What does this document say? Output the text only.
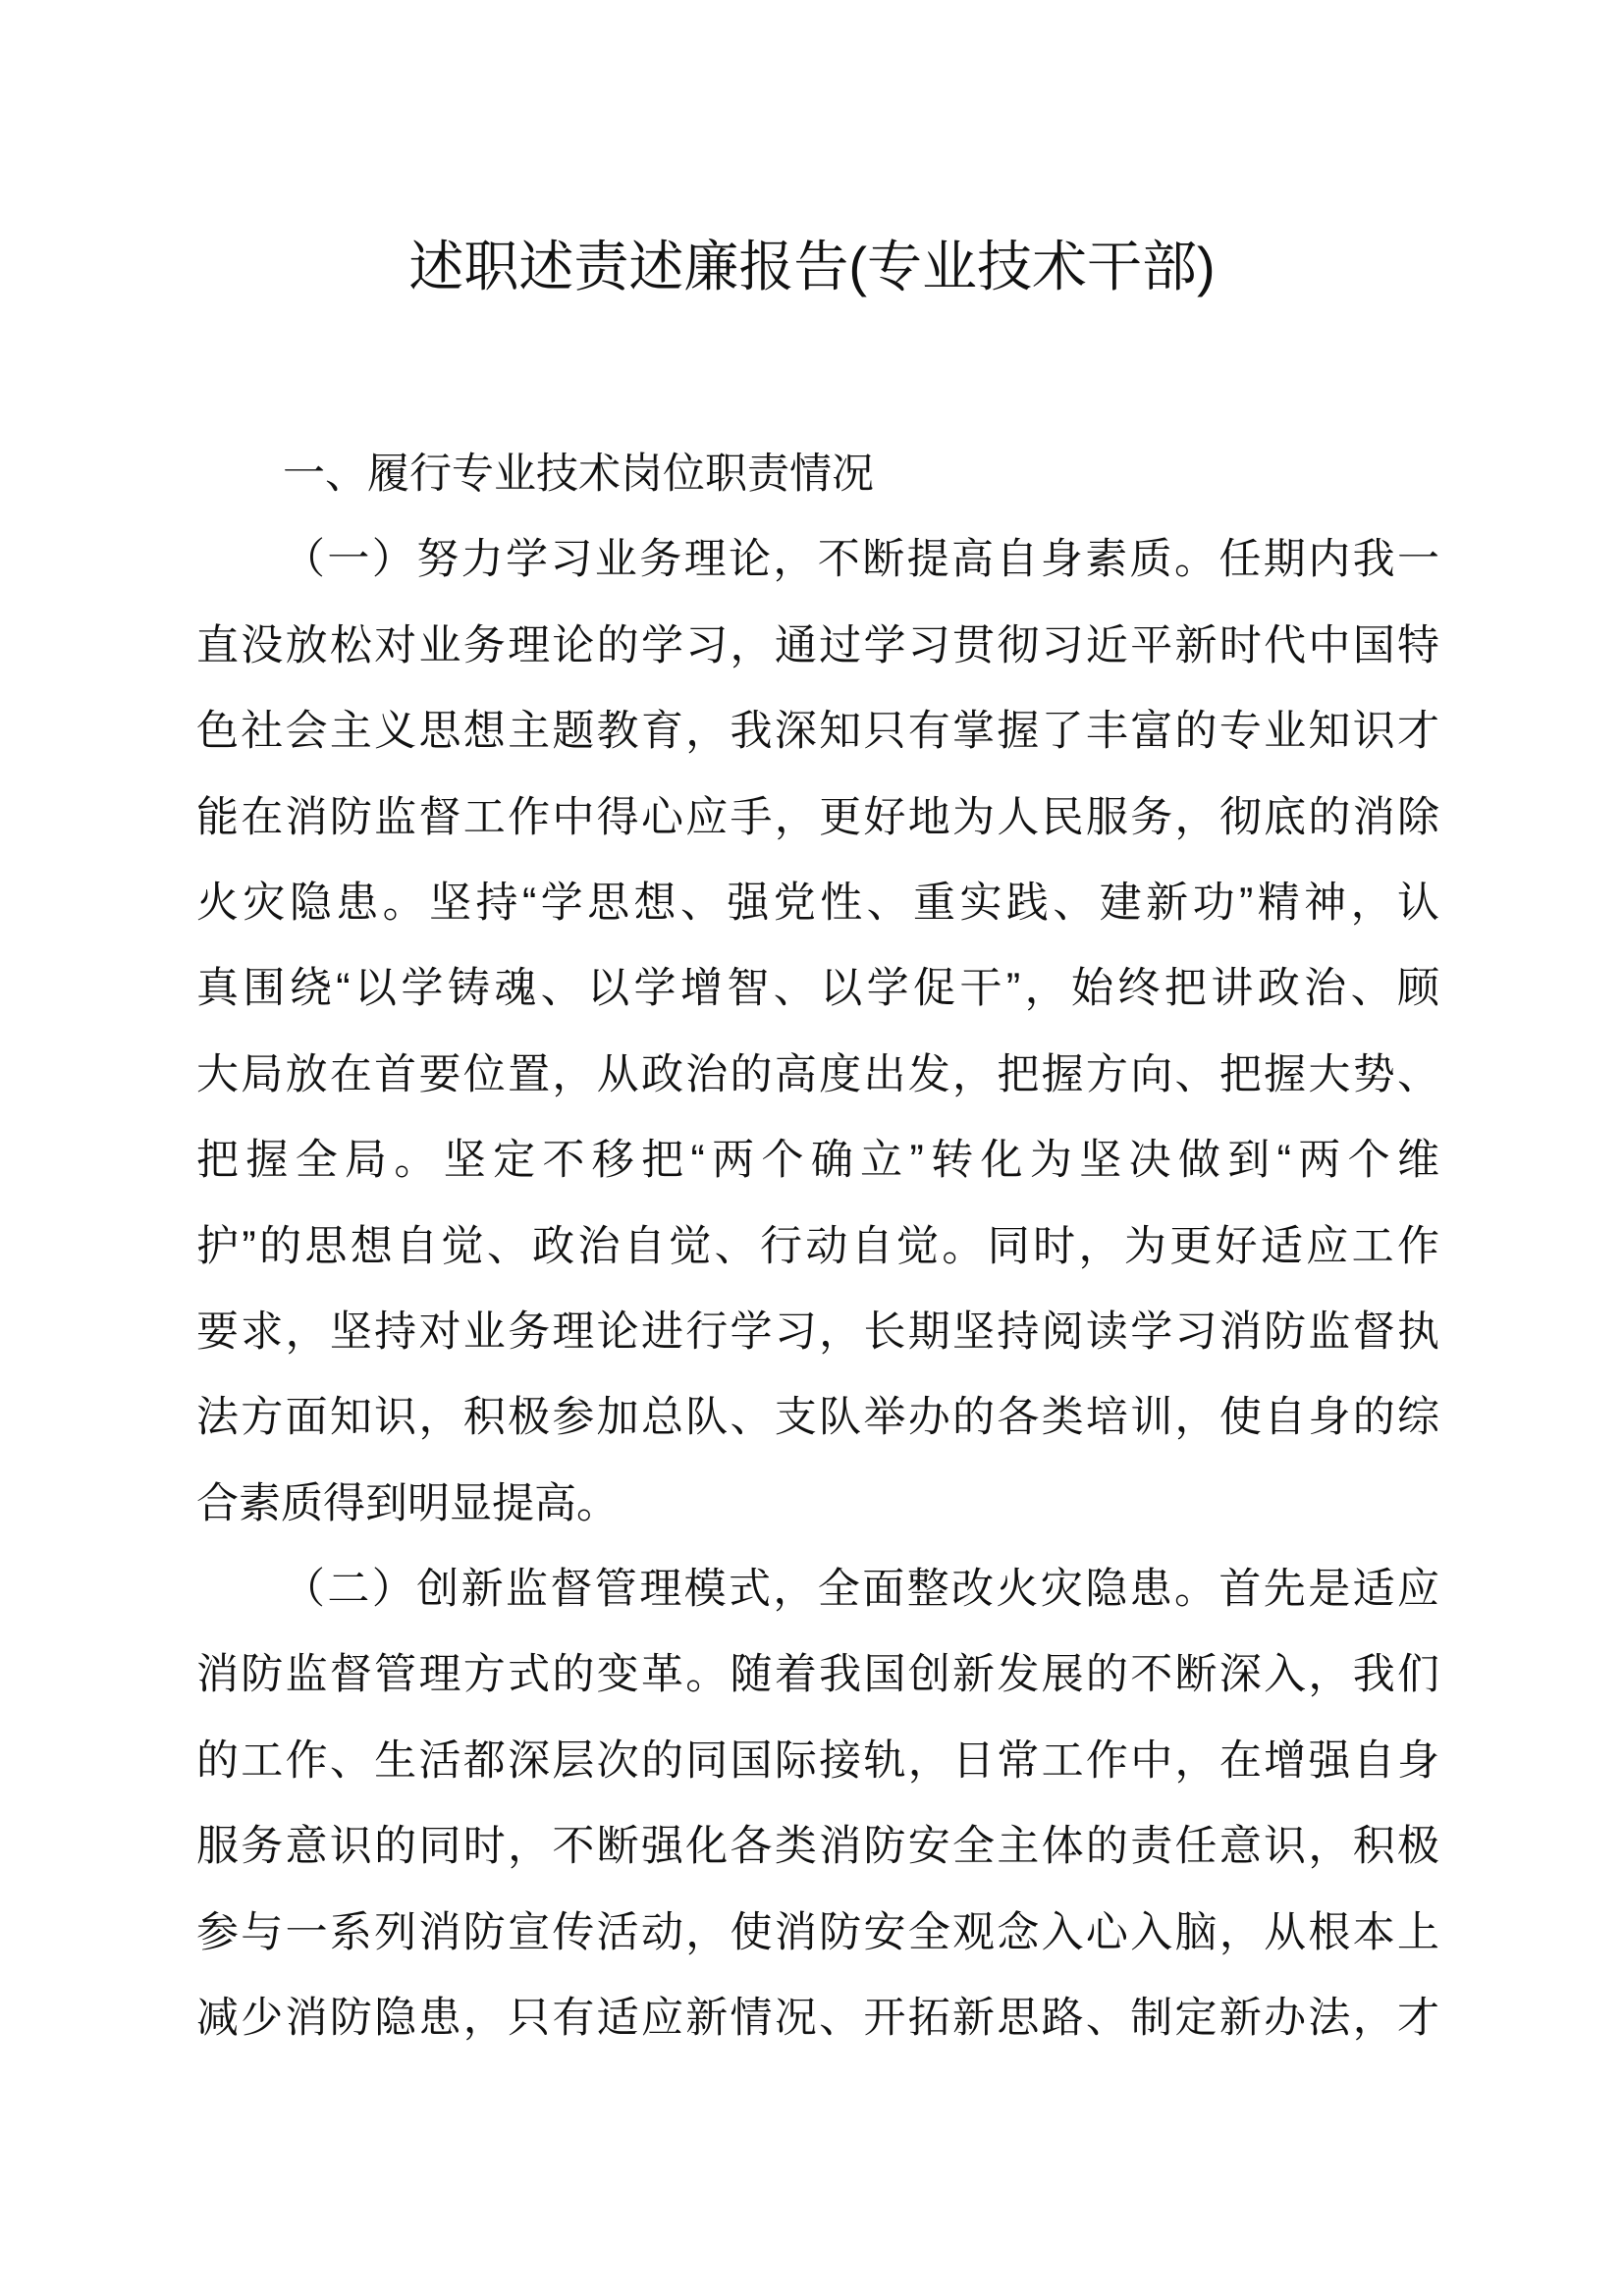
述职述责述廉报告(专业技术干部)
一、履行专业技术岗位职责情况
（一）努力学习业务理论，不断提高自身素质。任期内我一
直没放松对业务理论的学习，通过学习贯彻习近平新时代中国特
色社会主义思想主题教育，我深知只有掌握了丰富的专业知识才
能在消防监督工作中得心应手，更好地为人民服务，彻底的消除
火灾隐患。坚持“学思想、强党性、重实践、建新功”精神，认
真围绕“以学铸魂、以学增智、以学促干”，始终把讲政治、顾
大局放在首要位置，从政治的高度出发，把握方向、把握大势、
把握全局。坚定不移把“两个确立”转化为坚决做到“两个维
护”的思想自觉、政治自觉、行动自觉。同时，为更好适应工作
要求，坚持对业务理论进行学习，长期坚持阅读学习消防监督执
法方面知识，积极参加总队、支队举办的各类培训，使自身的综
合素质得到明显提高。
（二）创新监督管理模式，全面整改火灾隐患。首先是适应
消防监督管理方式的变革。随着我国创新发展的不断深入，我们
的工作、生活都深层次的同国际接轨，日常工作中，在增强自身
服务意识的同时，不断强化各类消防安全主体的责任意识，积极
参与一系列消防宣传活动，使消防安全观念入心入脑，从根本上
减少消防隐患，只有适应新情况、开拓新思路、制定新办法，才
